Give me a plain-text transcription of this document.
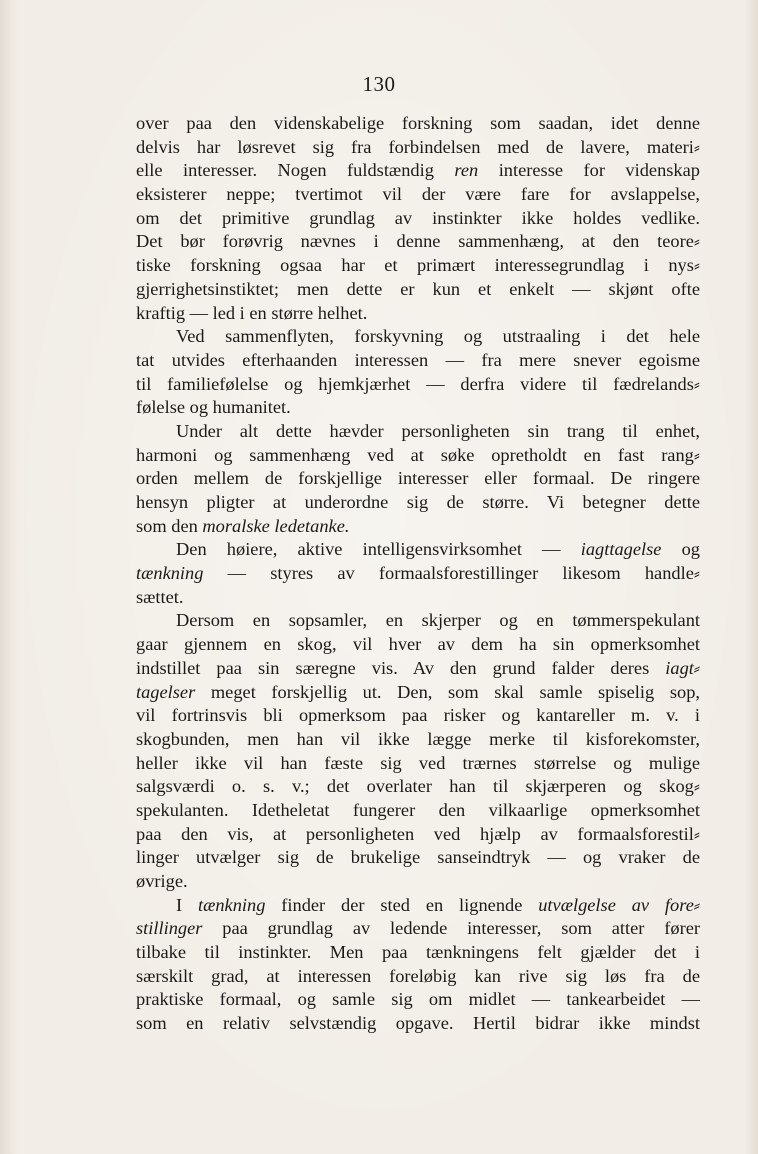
130
over paa den videnskabelige forskning som saadan, idet denne
delvis har løsrevet sig fra forbindelsen med de lavere, materi⸗
elle interesser. Nogen fuldstændig ren interesse for videnskap
eksisterer neppe; tvertimot vil der være fare for avslappelse,
om det primitive grundlag av instinkter ikke holdes vedlike.
Det bør forøvrig nævnes i denne sammenhæng, at den teore⸗
tiske forskning ogsaa har et primært interessegrundlag i nys⸗
gjerrighetsinstiktet; men dette er kun et enkelt — skjønt ofte
kraftig — led i en større helhet.
Ved sammenflyten, forskyvning og utstraaling i det hele
tat utvides efterhaanden interessen — fra mere snever egoisme
til familiefølelse og hjemkjærhet — derfra videre til fædrelands⸗
følelse og humanitet.
Under alt dette hævder personligheten sin trang til enhet,
harmoni og sammenhæng ved at søke opretholdt en fast rang⸗
orden mellem de forskjellige interesser eller formaal. De ringere
hensyn pligter at underordne sig de større. Vi betegner dette
som den moralske ledetanke.
Den høiere, aktive intelligensvirksomhet — iagttagelse og
tænkning — styres av formaalsforestillinger likesom handle⸗
sættet.
Dersom en sopsamler, en skjerper og en tømmerspekulant
gaar gjennem en skog, vil hver av dem ha sin opmerksomhet
indstillet paa sin særegne vis. Av den grund falder deres iagt⸗
tagelser meget forskjellig ut. Den, som skal samle spiselig sop,
vil fortrinsvis bli opmerksom paa risker og kantareller m. v. i
skogbunden, men han vil ikke lægge merke til kisforekomster,
heller ikke vil han fæste sig ved trærnes størrelse og mulige
salgsværdi o. s. v.; det overlater han til skjærperen og skog⸗
spekulanten. Idetheletat fungerer den vilkaarlige opmerksomhet
paa den vis, at personligheten ved hjælp av formaalsforestil⸗
linger utvælger sig de brukelige sanseindtryk — og vraker de
øvrige.
I tænkning finder der sted en lignende utvælgelse av fore⸗
stillinger paa grundlag av ledende interesser, som atter fører
tilbake til instinkter. Men paa tænkningens felt gjælder det i
særskilt grad, at interessen foreløbig kan rive sig løs fra de
praktiske formaal, og samle sig om midlet — tankearbeidet —
som en relativ selvstændig opgave. Hertil bidrar ikke mindst
